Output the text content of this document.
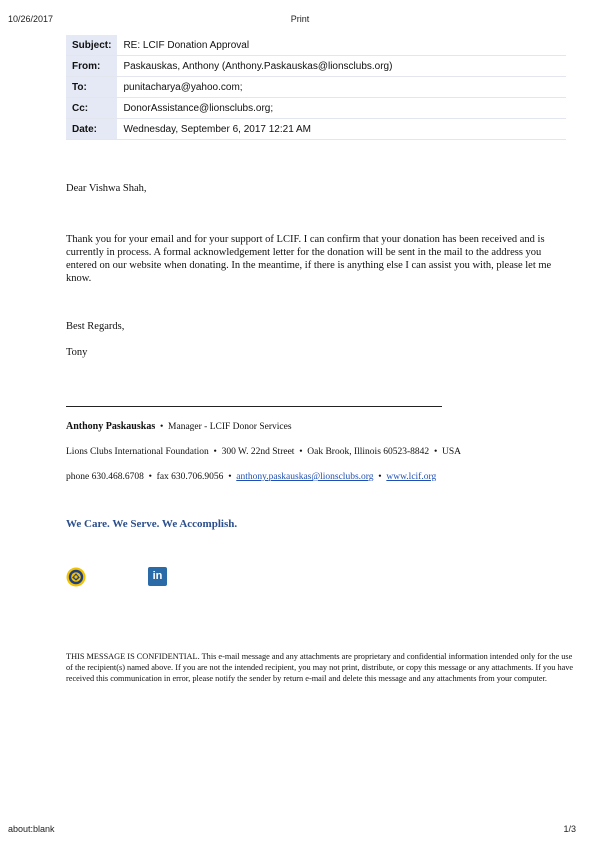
10/26/2017	Print
Subject:	RE: LCIF Donation Approval
From:	Paskauskas, Anthony (Anthony.Paskauskas@lionsclubs.org)
To:	punitacharya@yahoo.com;
Cc:	DonorAssistance@lionsclubs.org;
Date:	Wednesday, September 6, 2017 12:21 AM
Dear Vishwa Shah,
Thank you for your email and for your support of LCIF. I can confirm that your donation has been received and is currently in process. A formal acknowledgement letter for the donation will be sent in the mail to the address you entered on our website when donating. In the meantime, if there is anything else I can assist you with, please let me know.
Best Regards,
Tony
Anthony Paskauskas • Manager - LCIF Donor Services
Lions Clubs International Foundation • 300 W. 22nd Street • Oak Brook, Illinois 60523-8842 • USA
phone 630.468.6708 • fax 630.706.9056 • anthony.paskauskas@lionsclubs.org • www.lcif.org
We Care. We Serve. We Accomplish.
in
THIS MESSAGE IS CONFIDENTIAL. This e-mail message and any attachments are proprietary and confidential information intended only for the use of the recipient(s) named above. If you are not the intended recipient, you may not print, distribute, or copy this message or any attachments. If you have received this communication in error, please notify the sender by return e-mail and delete this message and any attachments from your computer.
about:blank	1/3
